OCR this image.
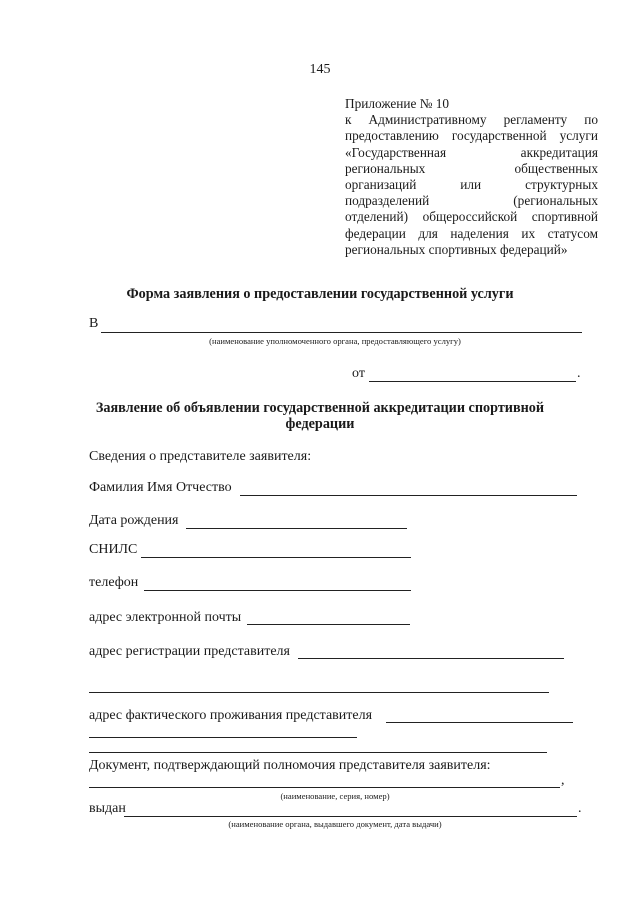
145
Приложение № 10
к Административному регламенту по
предоставлению государственной услуги
«Государственная аккредитация
региональных общественных
организаций или структурных
подразделений (региональных
отделений) общероссийской спортивной
федерации для наделения их статусом
региональных спортивных федераций»
Форма заявления о предоставлении государственной услуги
В
(наименование уполномоченного органа, предоставляющего услугу)
от	.
Заявление об объявлении государственной аккредитации спортивной
федерации
Сведения о представителе заявителя:
Фамилия Имя Отчество
Дата рождения
СНИЛС
телефон
адрес электронной почты
адрес регистрации представителя
адрес фактического проживания представителя
Документ, подтверждающий полномочия представителя заявителя:
,
(наименование, серия, номер)
выдан	.
(наименование органа, выдавшего документ, дата выдачи)
